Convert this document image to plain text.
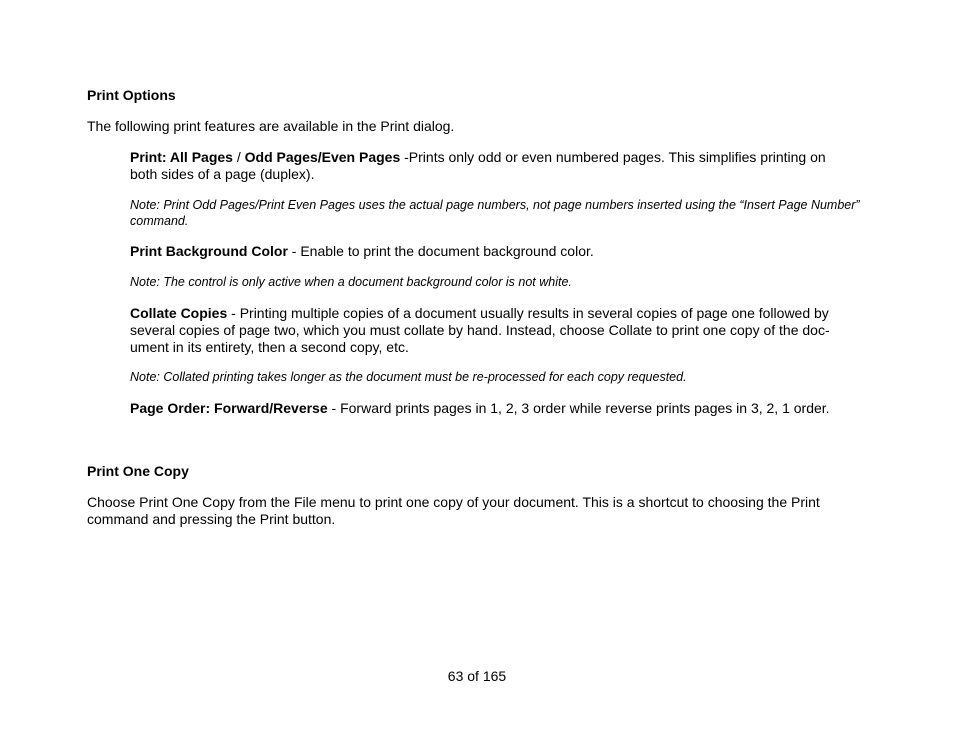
Print Options

The following print features are available in the Print dialog.

Print: All Pages / Odd Pages/Even Pages -Prints only odd or even numbered pages. This simplifies printing on both sides of a page (duplex).

Note: Print Odd Pages/Print Even Pages uses the actual page numbers, not page numbers inserted using the “Insert Page Number” command.

Print Background Color - Enable to print the document background color.

Note: The control is only active when a document background color is not white.

Collate Copies - Printing multiple copies of a document usually results in several copies of page one followed by several copies of page two, which you must collate by hand. Instead, choose Collate to print one copy of the doc-ument in its entirety, then a second copy, etc.

Note: Collated printing takes longer as the document must be re-processed for each copy requested.

Page Order: Forward/Reverse - Forward prints pages in 1, 2, 3 order while reverse prints pages in 3, 2, 1 order.

Print One Copy

Choose Print One Copy from the File menu to print one copy of your document. This is a shortcut to choosing the Print command and pressing the Print button.

63 of 165
